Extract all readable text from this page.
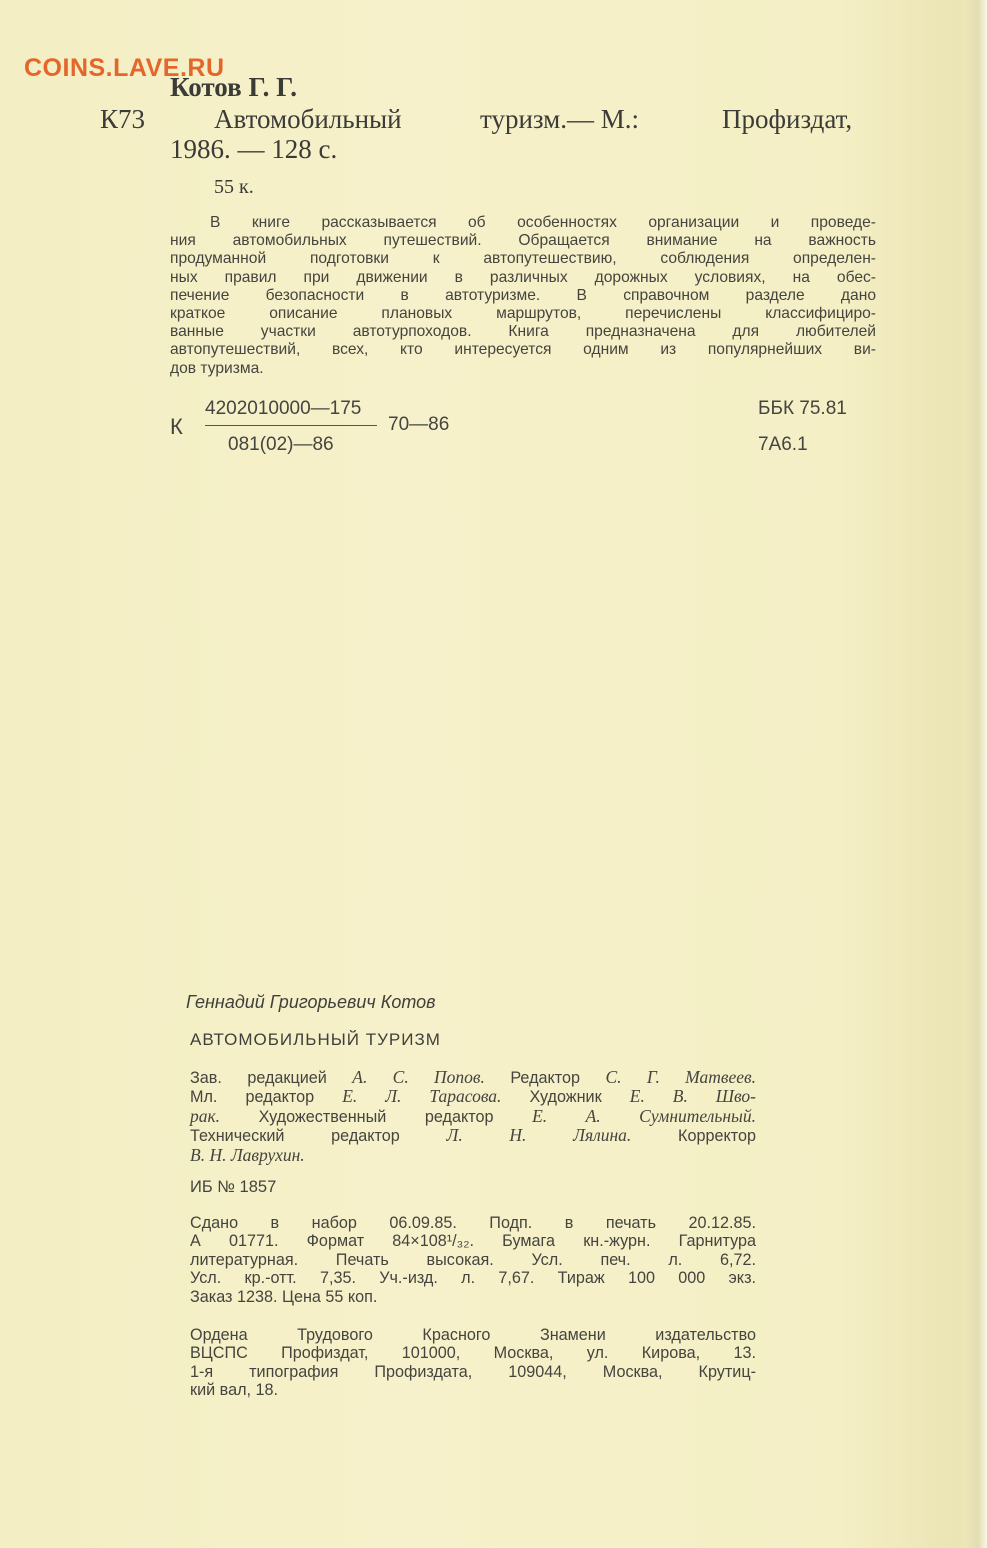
COINS.LAVE.RU
Котов Г. Г.
К73	Автомобильный	туризм.— М.:	Профиздат,
1986. — 128 с.
55 к.
В книге рассказывается об особенностях организации и проведе-
ния автомобильных путешествий. Обращается внимание на важность
продуманной подготовки к автопутешествию, соблюдения определен-
ных правил при движении в различных дорожных условиях, на обес-
печение безопасности в автотуризме. В справочном разделе дано
краткое описание плановых маршрутов, перечислены классифициро-
ванные участки автотурпоходов. Книга предназначена для любителей
автопутешествий, всех, кто интересуется одним из популярнейших ви-
дов туризма.
К
4202010000—175
081(02)—86
70—86
ББК 75.81
7А6.1
Геннадий Григорьевич Котов
АВТОМОБИЛЬНЫЙ ТУРИЗМ
Зав. редакцией А. С. Попов. Редактор С. Г. Матвеев.
Мл. редактор Е. Л. Тарасова. Художник Е. В. Шво-
рак. Художественный редактор Е. А. Сумнительный.
Технический редактор Л. Н. Лялина. Корректор
В. Н. Лаврухин.
ИБ № 1857
Сдано в набор 06.09.85. Подп. в печать 20.12.85.
А 01771. Формат 84×108¹/₃₂. Бумага кн.-журн. Гарнитура
литературная. Печать высокая. Усл. печ. л. 6,72.
Усл. кр.-отт. 7,35. Уч.-изд. л. 7,67. Тираж 100 000 экз.
Заказ 1238. Цена 55 коп.
Ордена Трудового Красного Знамени издательство
ВЦСПС Профиздат, 101000, Москва, ул. Кирова, 13.
1-я типография Профиздата, 109044, Москва, Крутиц-
кий вал, 18.
